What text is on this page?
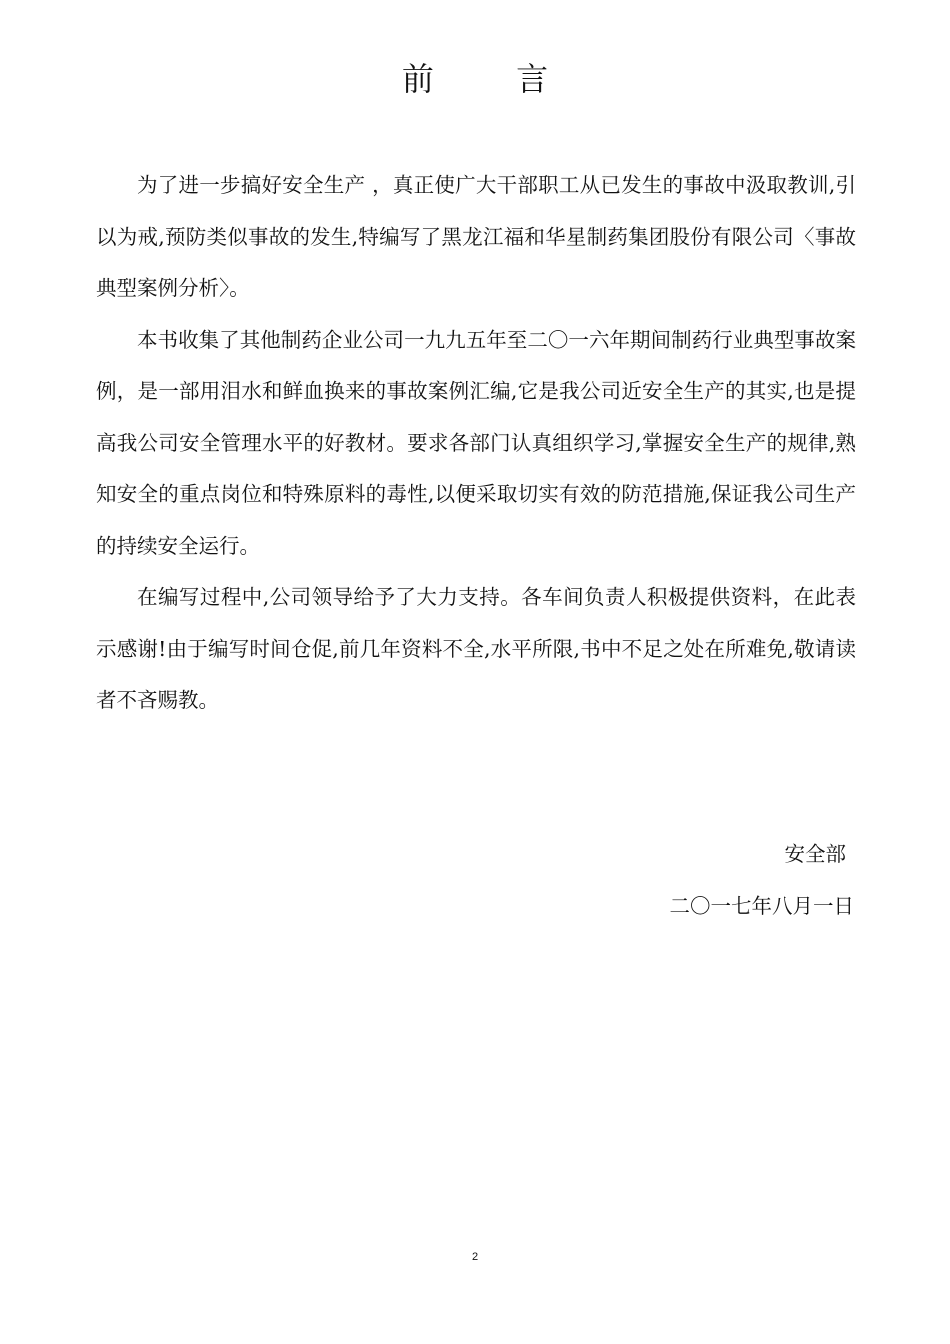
前 言

为了进一步搞好安全生产 ，真正使广大干部职工从已发生的事故中汲取教训,引以为戒,预防类似事故的发生,特编写了黑龙江福和华星制药集团股份有限公司〈事故典型案例分析〉。

本书收集了其他制药企业公司一九九五年至二〇一六年期间制药行业典型事故案例，是一部用泪水和鲜血换来的事故案例汇编,它是我公司近安全生产的其实,也是提高我公司安全管理水平的好教材。要求各部门认真组织学习,掌握安全生产的规律,熟知安全的重点岗位和特殊原料的毒性,以便采取切实有效的防范措施,保证我公司生产的持续安全运行。

在编写过程中,公司领导给予了大力支持。各车间负责人积极提供资料，在此表示感谢!由于编写时间仓促,前几年资料不全,水平所限,书中不足之处在所难免,敬请读者不吝赐教。

安全部
二〇一七年八月一日
2
